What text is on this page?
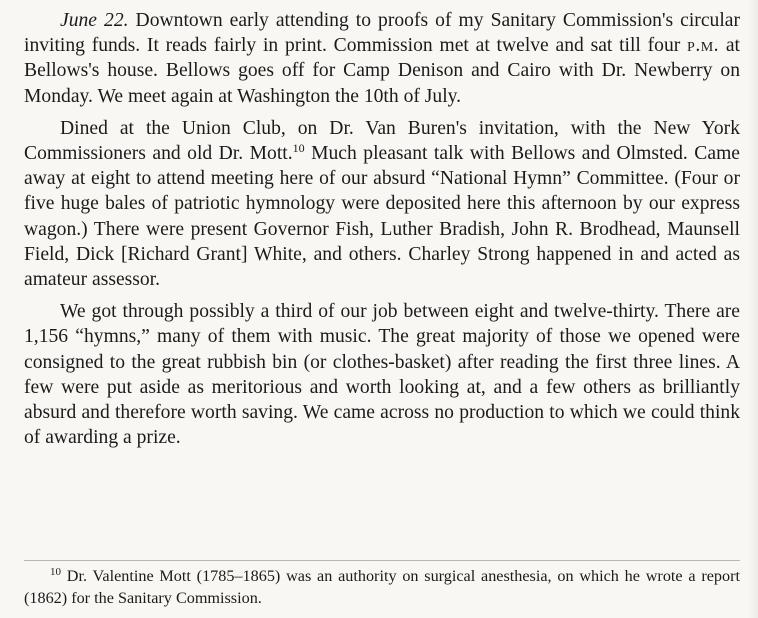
June 22. Downtown early attending to proofs of my Sanitary Commission's circular inviting funds. It reads fairly in print. Commission met at twelve and sat till four p.m. at Bellows's house. Bellows goes off for Camp Denison and Cairo with Dr. Newberry on Monday. We meet again at Washington the 10th of July.

Dined at the Union Club, on Dr. Van Buren's invitation, with the New York Commissioners and old Dr. Mott.$^{10}$ Much pleasant talk with Bellows and Olmsted. Came away at eight to attend meeting here of our absurd “National Hymn” Committee. (Four or five huge bales of patriotic hymnology were deposited here this afternoon by our express wagon.) There were present Governor Fish, Luther Bradish, John R. Brodhead, Maunsell Field, Dick [Richard Grant] White, and others. Charley Strong happened in and acted as amateur assessor.

We got through possibly a third of our job between eight and twelve-thirty. There are 1,156 “hymns,” many of them with music. The great majority of those we opened were consigned to the great rubbish bin (or clothes-basket) after reading the first three lines. A few were put aside as meritorious and worth looking at, and a few others as brilliantly absurd and therefore worth saving. We came across no production to which we could think of awarding a prize.

$^{10}$ Dr. Valentine Mott (1785–1865) was an authority on surgical anesthesia, on which he wrote a report (1862) for the Sanitary Commission.
